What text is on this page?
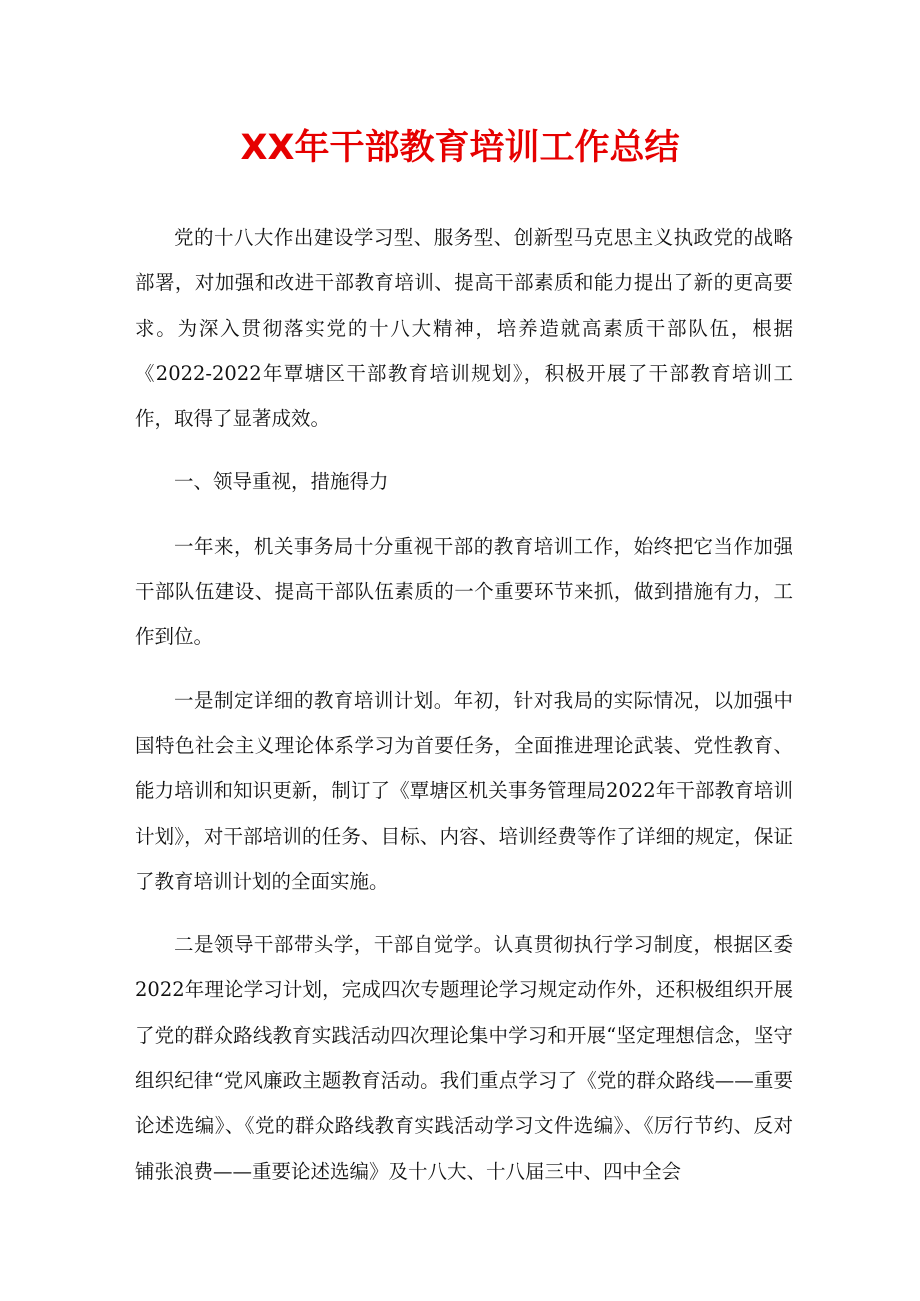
XX年干部教育培训工作总结

党的十八大作出建设学习型、服务型、创新型马克思主义执政党的战略部署，对加强和改进干部教育培训、提高干部素质和能力提出了新的更高要求。为深入贯彻落实党的十八大精神，培养造就高素质干部队伍，根据《2022-2022年覃塘区干部教育培训规划》，积极开展了干部教育培训工作，取得了显著成效。

一、领导重视，措施得力

一年来，机关事务局十分重视干部的教育培训工作，始终把它当作加强干部队伍建设、提高干部队伍素质的一个重要环节来抓，做到措施有力，工作到位。

一是制定详细的教育培训计划。年初，针对我局的实际情况，以加强中国特色社会主义理论体系学习为首要任务，全面推进理论武装、党性教育、能力培训和知识更新，制订了《覃塘区机关事务管理局2022年干部教育培训计划》，对干部培训的任务、目标、内容、培训经费等作了详细的规定，保证了教育培训计划的全面实施。

二是领导干部带头学，干部自觉学。认真贯彻执行学习制度，根据区委2022年理论学习计划，完成四次专题理论学习规定动作外，还积极组织开展了党的群众路线教育实践活动四次理论集中学习和开展“坚定理想信念，坚守组织纪律“党风廉政主题教育活动。我们重点学习了《党的群众路线——重要论述选编》、《党的群众路线教育实践活动学习文件选编》、《厉行节约、反对铺张浪费——重要论述选编》及十八大、十八届三中、四中全会
